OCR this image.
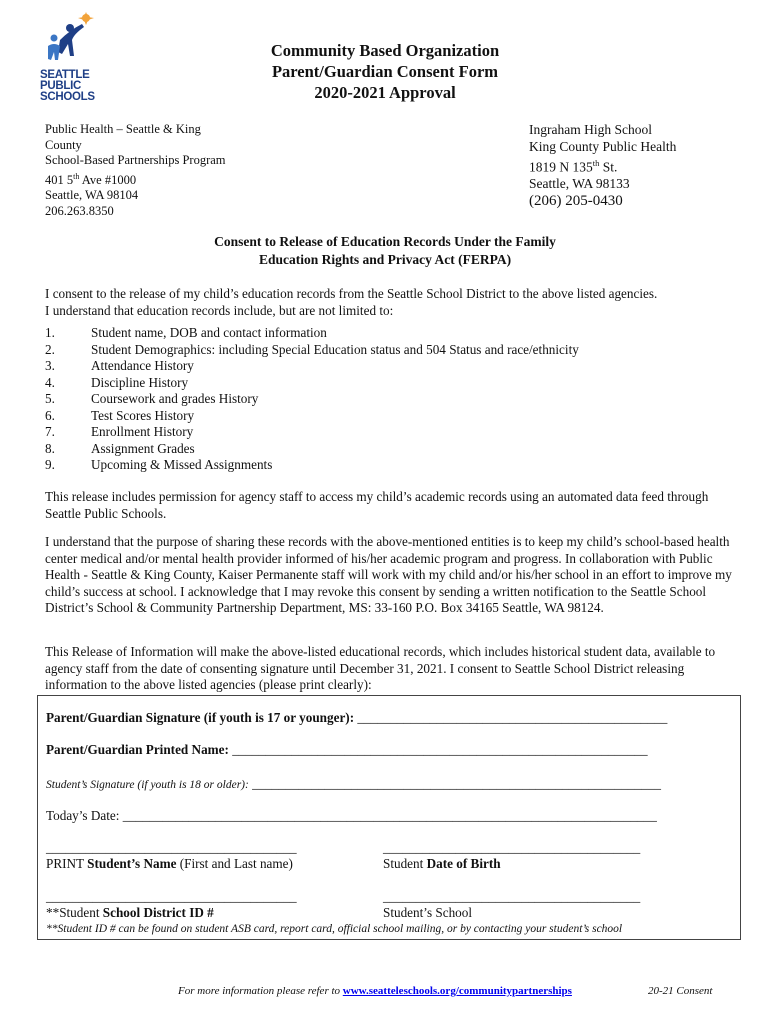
SEATTLE
PUBLIC
SCHOOLS
Community Based Organization
Parent/Guardian Consent Form
2020-2021 Approval
Public Health – Seattle & King
County
School-Based Partnerships Program
401 5th Ave #1000
Seattle, WA 98104
206.263.8350
Ingraham High School
King County Public Health
1819 N 135th St.
Seattle, WA 98133
(206) 205-0430
Consent to Release of Education Records Under the Family
Education Rights and Privacy Act (FERPA)
I consent to the release of my child’s education records from the Seattle School District to the above listed agencies.
I understand that education records include, but are not limited to:
1.	Student name, DOB and contact information
2.	Student Demographics: including Special Education status and 504 Status and race/ethnicity
3.	Attendance History
4.	Discipline History
5.	Coursework and grades History
6.	Test Scores History
7.	Enrollment History
8.	Assignment Grades
9.	Upcoming & Missed Assignments
This release includes permission for agency staff to access my child’s academic records using an automated data feed through Seattle Public Schools.
I understand that the purpose of sharing these records with the above-mentioned entities is to keep my child’s school-based health center medical and/or mental health provider informed of his/her academic program and progress. In collaboration with Public Health - Seattle & King County, Kaiser Permanente staff will work with my child and/or his/her school in an effort to improve my child’s success at school. I acknowledge that I may revoke this consent by sending a written notification to the Seattle School District’s School & Community Partnership Department, MS: 33-160 P.O. Box 34165 Seattle, WA 98124.
This Release of Information will make the above-listed educational records, which includes historical student data, available to agency staff from the date of consenting signature until December 31, 2021. I consent to Seattle School District releasing information to the above listed agencies (please print clearly):
Parent/Guardian Signature (if youth is 17 or younger): _______________________________________________
Parent/Guardian Printed Name: _______________________________________________________________
Student’s Signature (if youth is 18 or older): ______________________________________________________________
Today’s Date: _________________________________________________________________________________
______________________________________	_______________________________________
PRINT Student’s Name (First and Last name)	Student Date of Birth
______________________________________	_______________________________________
**Student School District ID #	Student’s School
**Student ID # can be found on student ASB card, report card, official school mailing, or by contacting your student’s school
For more information please refer to www.seatteleschools.org/communitypartnerships	20-21 Consent
